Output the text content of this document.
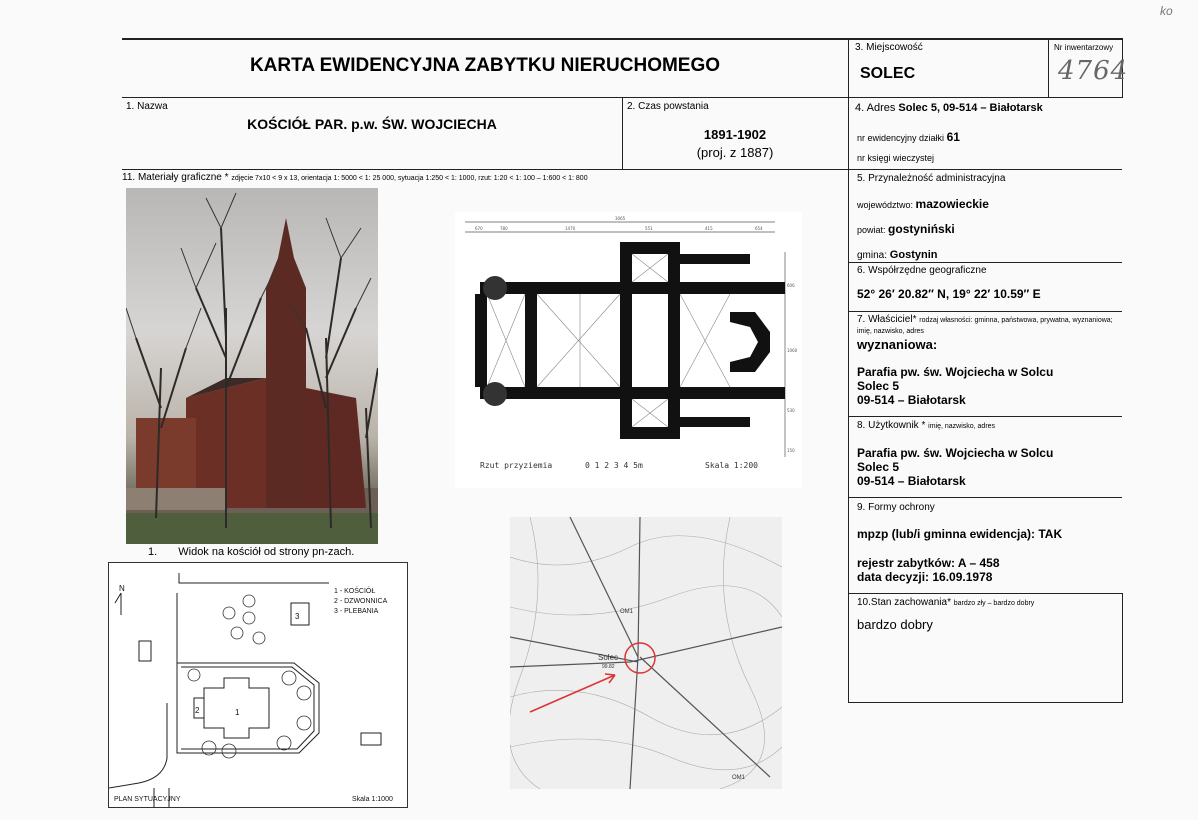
ko
KARTA EWIDENCYJNA ZABYTKU NIERUCHOMEGO
3. Miejscowość
SOLEC
Nr inwentarzowy
4764
1. Nazwa
KOŚCIÓŁ PAR. p.w. ŚW. WOJCIECHA
2. Czas powstania
1891-1902
(proj. z 1887)
4. Adres Solec 5, 09-514 – Białotarsk
nr ewidencyjny działki 61
nr księgi wieczystej
11. Materiały graficzne * zdjęcie 7x10 < 9 x 13, orientacja 1: 5000 < 1: 25 000, sytuacja 1:250 < 1: 1000, rzut: 1:20 < 1: 100 – 1:600 < 1: 800
1. Widok na kościół od strony pn-zach.
Rzut przyziemia	0 1 2 3 4 5m	Skala 1:200
3065
670	780	1470	551	415	654
606
1060
530
150
N
3
1
2
1 - KOŚCIÓŁ
2 - DZWONNICA
3 - PLEBANIA
PLAN SYTUACYJNY	Skala 1:1000
Solec
99.82
OM1
OM1
5. Przynależność administracyjna
województwo: mazowieckie
powiat: gostyniński
gmina: Gostynin
6. Współrzędne geograficzne
52° 26′ 20.82″ N, 19° 22′ 10.59″ E
7. Właściciel* rodzaj własności: gminna, państwowa, prywatna, wyznaniowa; imię, nazwisko, adres
wyznaniowa:
Parafia pw. św. Wojciecha w Solcu
Solec 5
09-514 – Białotarsk
8. Użytkownik * imię, nazwisko, adres
Parafia pw. św. Wojciecha w Solcu
Solec 5
09-514 – Białotarsk
9. Formy ochrony
mpzp (lub/i gminna ewidencja): TAK
rejestr zabytków: A – 458
data decyzji: 16.09.1978
10.Stan zachowania* bardzo zły – bardzo dobry
bardzo dobry
